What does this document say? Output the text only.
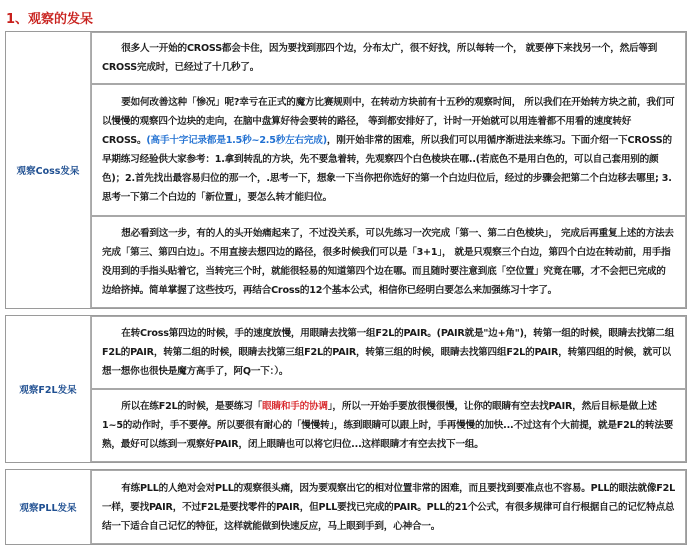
1、观察的发呆
观察Coss发呆	很多人一开始的CROSS都会卡住，因为要找到那四个边，分布太广，很不好找，所以每转一个， 就要停下来找另一个，然后等到CROSS完成时，已经过了十几秒了。
要如何改善这种「惨况」呢?幸亏在正式的魔方比赛规则中，在转动方块前有十五秒的观察时间， 所以我们在开始转方块之前，我们可以慢慢的观察四个边块的走向，在脑中盘算好待会要转的路径， 等到都安排好了，计时一开始就可以用连着都不用看的速度转好CROSS。(高手十字记录都是1.5秒~2.5秒左右完成)，刚开始非常的困难，所以我们可以用循序渐进法来练习。下面介绍一下CROSS的早期练习经验供大家参考：1.拿到转乱的方块，先不要急着转，先观察四个白色棱块在哪..(若底色不是用白色的，可以自己套用别的颜色)；2.首先找出最容易归位的那一个，.思考一下，想象一下当你把你选好的第一个白边归位后，经过的步骤会把第二个白边移去哪里; 3.思考一下第二个白边的「新位置」，要怎么转才能归位。
想必看到这一步，有的人的头开始痛起来了，不过没关系，可以先练习一次完成「第一、第二白色棱块」， 完成后再重复上述的方法去完成「第三、第四白边」。不用直接去想四边的路径，很多时候我们可以是「3+1」， 就是只观察三个白边，第四个白边在转动前，用手指没用到的手指头贴着它，当转完三个时，就能很轻易的知道第四个边在哪。而且随时要注意到底「空位置」究竟在哪，才不会把已完成的边给挤掉。简单掌握了这些技巧，再结合Cross的12个基本公式，相信你已经明白要怎么来加强练习十字了。
观察F2L发呆	在转Cross第四边的时候，手的速度放慢，用眼睛去找第一组F2L的PAIR。(PAIR就是"边+角")，转第一组的时候，眼睛去找第二组F2L的PAIR，转第二组的时候，眼睛去找第三组F2L的PAIR，转第三组的时候，眼睛去找第四组F2L的PAIR，转第四组的时候，就可以想一想你也很快是魔方高手了，阿Q一下：）。
所以在练F2L的时候，是要练习「眼睛和手的协调」，所以一开始手要放很慢很慢，让你的眼睛有空去找PAIR，然后目标是做上述1~5的动作时，手不要停。所以要很有耐心的「慢慢转」，练到眼睛可以跟上时，手再慢慢的加快...不过这有个大前提，就是F2L的转法要熟，最好可以练到一观察好PAIR，闭上眼睛也可以将它归位...这样眼睛才有空去找下一组。
观察PLL发呆	有练PLL的人绝对会对PLL的观察很头痛，因为要观察出它的相对位置非常的困难，而且要找到要准点也不容易。PLL的眼法就像F2L一样，要找PAIR，不过F2L是要找零件的PAIR，但PLL要找已完成的PAIR。PLL的21个公式，有很多规律可自行根据自己的记忆特点总结一下适合自己记忆的特征，这样就能做到快速反应，马上眼到手到，心神合一。
